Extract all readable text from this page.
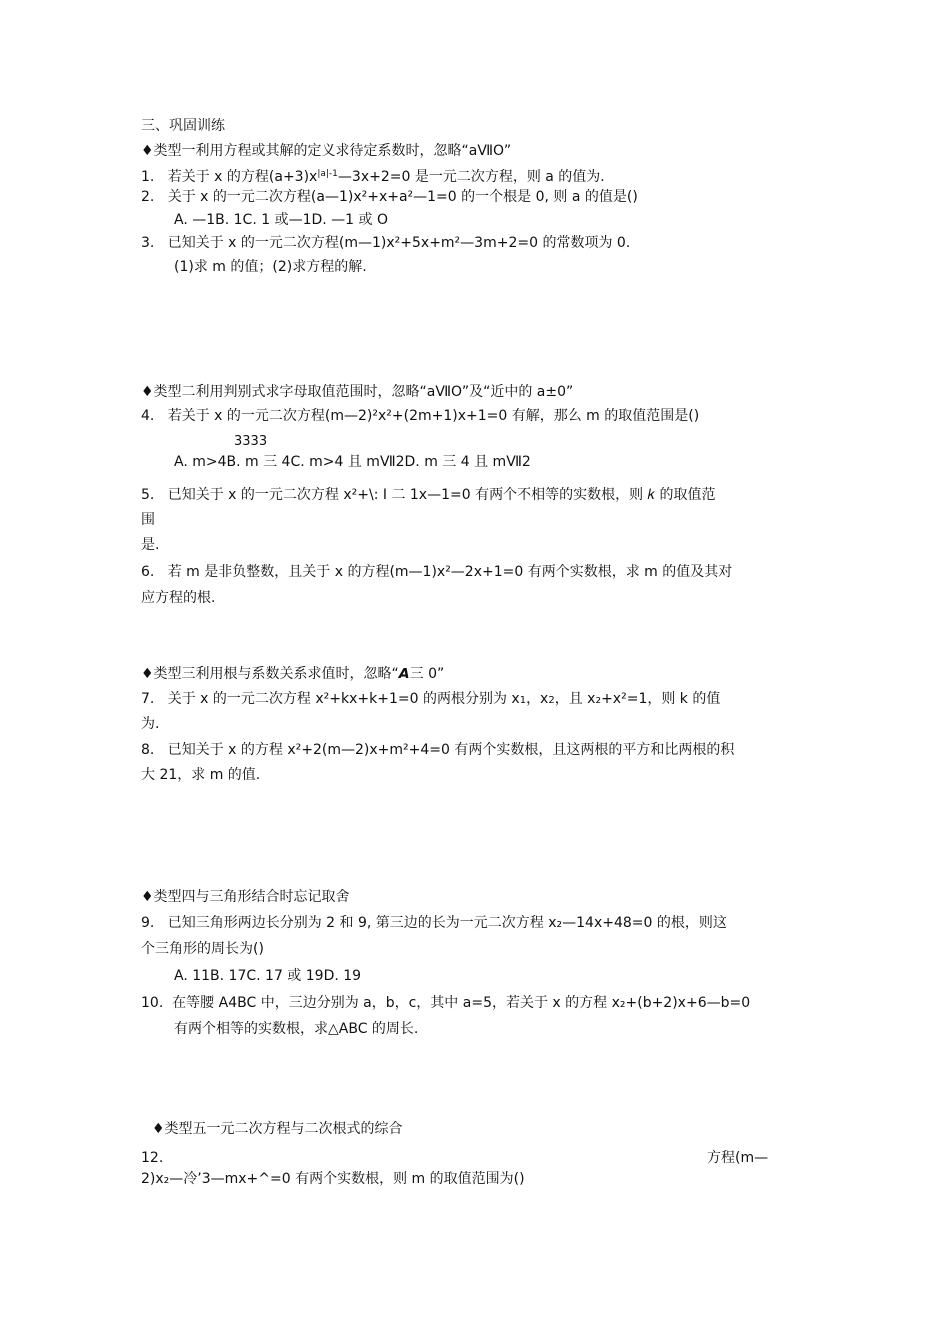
三、巩固训练
♦类型一利用方程或其解的定义求待定系数时，忽略“aⅦO”
1. 若关于 x 的方程$(a+3)x^{|a|-1}—3x+2=0$ 是一元二次方程，则 a 的值为.
2. 关于 x 的一元二次方程(a—1)x²+x+a²—1=0 的一个根是 0, 则 a 的值是()
A. —1B. 1C. 1 或—1D. —1 或 O
3. 已知关于 x 的一元二次方程(m—1)x²+5x+m²—3m+2=0 的常数项为 0.
(1)求 m 的值；(2)求方程的解.
♦类型二利用判别式求字母取值范围时，忽略“aⅦO”及“近中的 a±0”
4. 若关于 x 的一元二次方程(m—2)²x²+(2m+1)x+1=0 有解，那么 m 的取值范围是()
3333
A. m>4B. m 三 4C. m>4 且 mⅦ2D. m 三 4 且 mⅦ2
5. 已知关于 x 的一元二次方程 x²+\: I 二 1x—1=0 有两个不相等的实数根，则 𝑘 的取值范
围
是.
6. 若 m 是非负整数，且关于 x 的方程(m—1)x²—2x+1=0 有两个实数根，求 m 的值及其对
应方程的根.
♦类型三利用根与系数关系求值时，忽略“𝘼三 0”
7. 关于 x 的一元二次方程 x²+kx+k+1=0 的两根分别为 x1，x2，且 x₂+x²=1，则 k 的值
为.
8. 已知关于 x 的方程 x²+2(m—2)x+m²+4=0 有两个实数根，且这两根的平方和比两根的积
大 21，求 m 的值.
♦类型四与三角形结合时忘记取舍
9. 已知三角形两边长分别为 2 和 9, 第三边的长为一元二次方程 x₂—14x+48=0 的根，则这
个三角形的周长为()
A. 11B. 17C. 17 或 19D. 19
10. 在等腰 A4BC 中，三边分别为 a，b，c，其中 a=5，若关于 x 的方程 x₂+(b+2)x+6—b=0
有两个相等的实数根，求△ABC 的周长.
♦类型五一元二次方程与二次根式的综合
12.	方程(m—
2)x₂—冷’3—mx+^=0 有两个实数根，则 m 的取值范围为()
